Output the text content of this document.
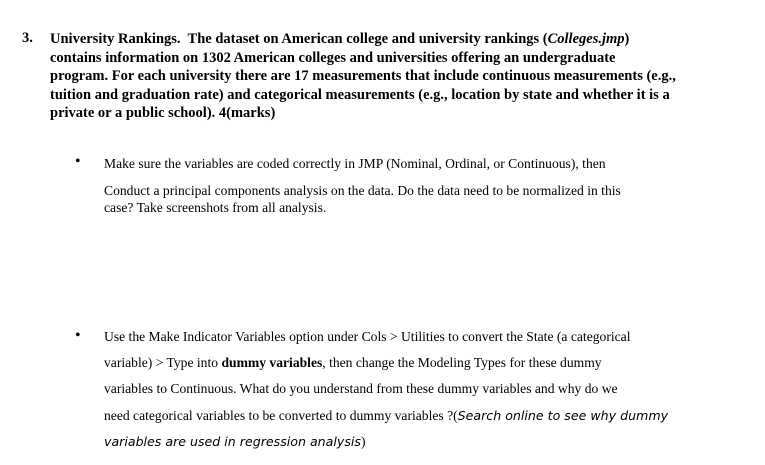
3. University Rankings.  The dataset on American college and university rankings (Colleges.jmp)

contains information on 1302 American colleges and universities offering an undergraduate

program. For each university there are 17 measurements that include continuous measurements (e.g.,

tuition and graduation rate) and categorical measurements (e.g., location by state and whether it is a

private or a public school). 4(marks)

• Make sure the variables are coded correctly in JMP (Nominal, Ordinal, or Continuous), then

Conduct a principal components analysis on the data. Do the data need to be normalized in this
case? Take screenshots from all analysis.

• Use the Make Indicator Variables option under Cols > Utilities to convert the State (a categorical

variable) > Type into dummy variables, then change the Modeling Types for these dummy

variables to Continuous. What do you understand from these dummy variables and why do we

need categorical variables to be converted to dummy variables ?(Search online to see why dummy

variables are used in regression analysis)
